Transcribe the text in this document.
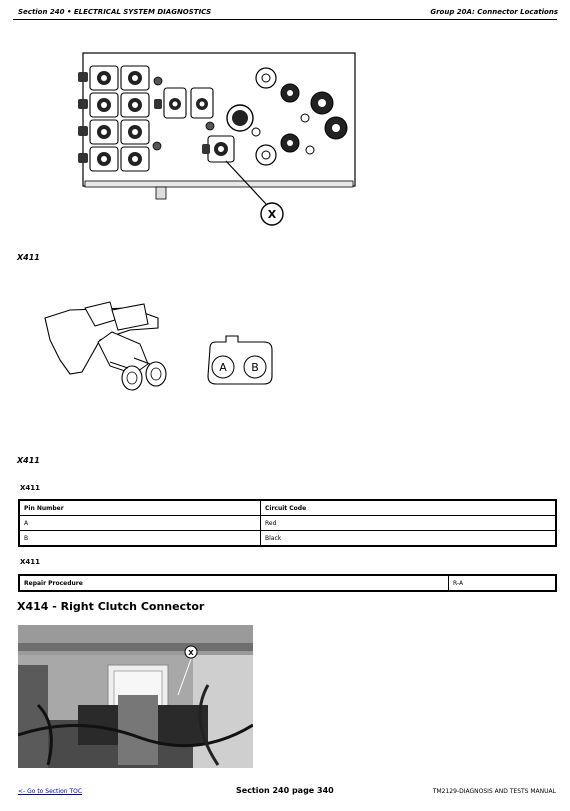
Section 240 • ELECTRICAL SYSTEM DIAGNOSTICS	Group 20A: Connector Locations
X
X411
A B
X411
X411
Pin Number	Circuit Code
A	Red
B	Black
X411
Repair Procedure	R-A
X414 - Right Clutch Connector
X
<- Go to Section TOC	Section 240 page 340	TM2129-DIAGNOSIS AND TESTS MANUAL
